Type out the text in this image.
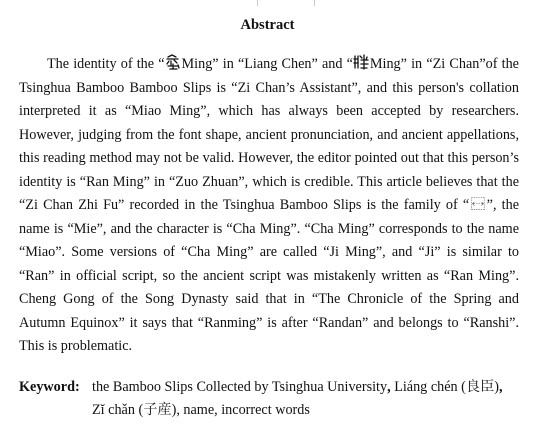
Abstract

The identity of the “ Ming” in “Liang Chen” and “ Ming” in “Zi Chan”of the Tsinghua Bamboo Bamboo Slips is “Zi Chan’s Assistant”, and this person's collation interpreted it as “Miao Ming”, which has always been accepted by researchers. However, judging from the font shape, ancient pronunciation, and ancient appellations, this reading method may not be valid. However, the editor pointed out that this person’s identity is “Ran Ming” in “Zuo Zhuan”, which is credible. This article believes that the “Zi Chan Zhi Fu” recorded in the Tsinghua Bamboo Slips is the family of “⿾”, the name is “Mie”, and the character is “Cha Ming”. “Cha Ming” corresponds to the name “Miao”. Some versions of “Cha Ming” are called “Ji Ming”, and “Ji” is similar to “Ran” in official script, so the ancient script was mistakenly written as “Ran Ming”. Cheng Gong of the Song Dynasty said that in “The Chronicle of the Spring and Autumn Equinox” it says that “Ranming” is after “Randan” and belongs to “Ranshi”. This is problematic.

Keyword: the Bamboo Slips Collected by Tsinghua University, Liáng chén (良臣),
Zĭ chǎn (子産), name, incorrect words
